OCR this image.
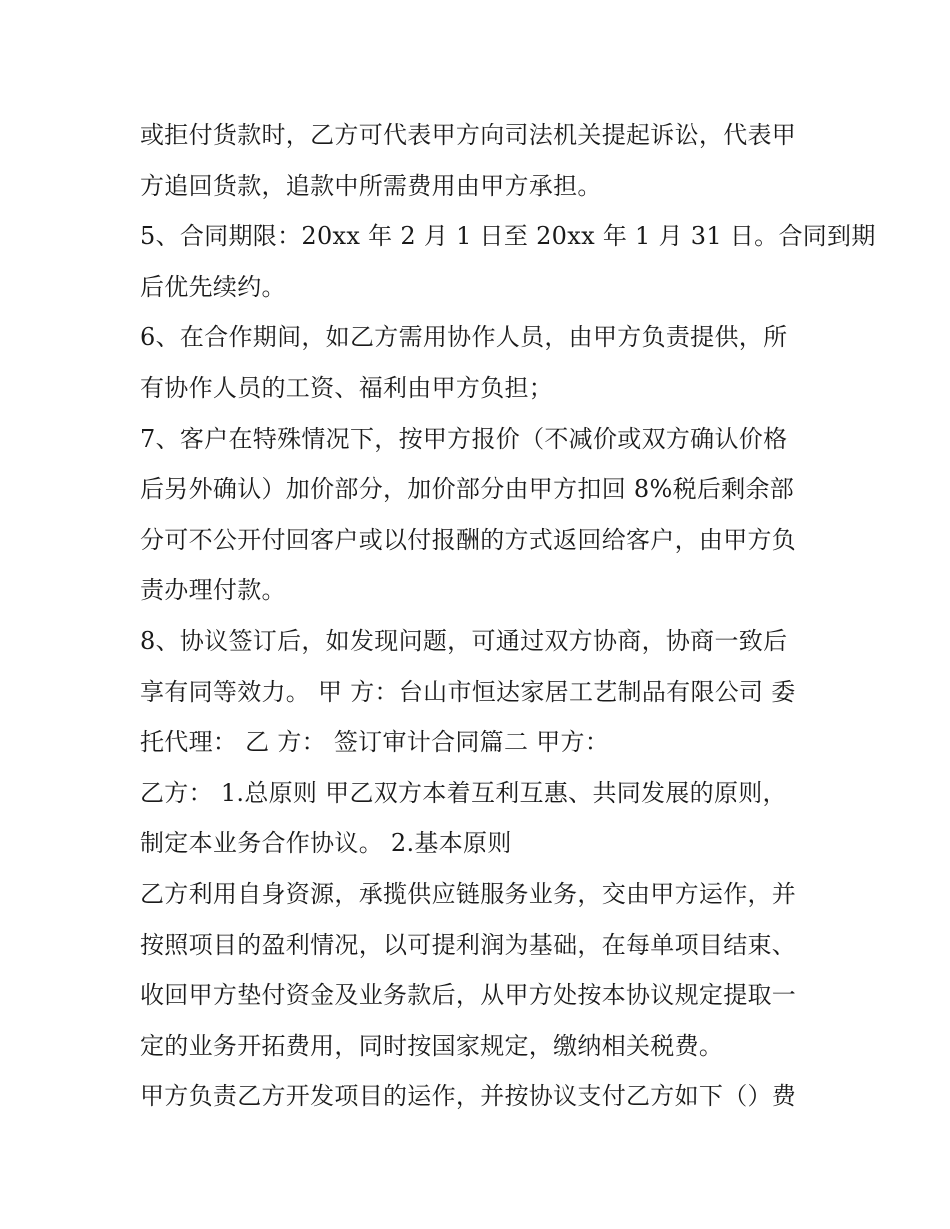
或拒付货款时，乙方可代表甲方向司法机关提起诉讼，代表甲
方追回货款，追款中所需费用由甲方承担。
5、合同期限：20xx 年 2 月 1 日至 20xx 年 1 月 31 日。合同到期
后优先续约。
6、在合作期间，如乙方需用协作人员，由甲方负责提供，所
有协作人员的工资、福利由甲方负担；
7、客户在特殊情况下，按甲方报价（不减价或双方确认价格
后另外确认）加价部分，加价部分由甲方扣回 8%税后剩余部
分可不公开付回客户或以付报酬的方式返回给客户，由甲方负
责办理付款。
8、协议签订后，如发现问题，可通过双方协商，协商一致后
享有同等效力。 甲 方：台山市恒达家居工艺制品有限公司 委
托代理： 乙 方： 签订审计合同篇二 甲方：
乙方： 1.总原则 甲乙双方本着互利互惠、共同发展的原则，
制定本业务合作协议。 2.基本原则
乙方利用自身资源，承揽供应链服务业务，交由甲方运作，并
按照项目的盈利情况，以可提利润为基础，在每单项目结束、
收回甲方垫付资金及业务款后，从甲方处按本协议规定提取一
定的业务开拓费用，同时按国家规定，缴纳相关税费。
甲方负责乙方开发项目的运作，并按协议支付乙方如下（）费
